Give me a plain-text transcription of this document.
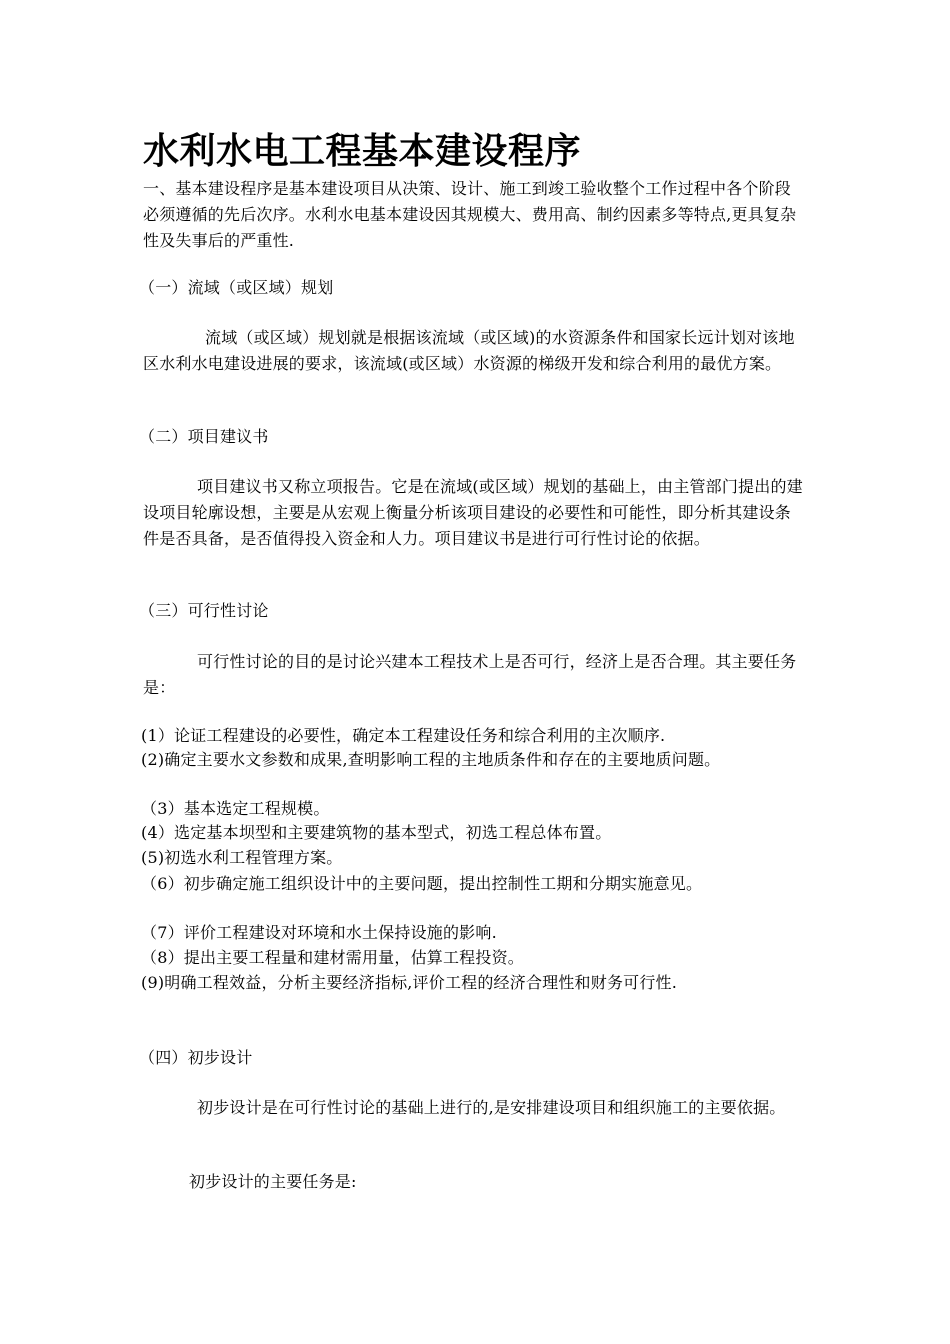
水利水电工程基本建设程序

一、基本建设程序是基本建设项目从决策、设计、施工到竣工验收整个工作过程中各个阶段必须遵循的先后次序。水利水电基本建设因其规模大、费用高、制约因素多等特点,更具复杂性及失事后的严重性.

（一）流域（或区域）规划

流域（或区域）规划就是根据该流域（或区域)的水资源条件和国家长远计划对该地区水利水电建设进展的要求，该流域(或区域）水资源的梯级开发和综合利用的最优方案。

（二）项目建议书

项目建议书又称立项报告。它是在流域(或区域）规划的基础上，由主管部门提出的建设项目轮廓设想，主要是从宏观上衡量分析该项目建设的必要性和可能性，即分析其建设条件是否具备，是否值得投入资金和人力。项目建议书是进行可行性讨论的依据。

（三）可行性讨论

可行性讨论的目的是讨论兴建本工程技术上是否可行，经济上是否合理。其主要任务是：

(1）论证工程建设的必要性，确定本工程建设任务和综合利用的主次顺序.

(2)确定主要水文参数和成果,查明影响工程的主地质条件和存在的主要地质问题。

（3）基本选定工程规模。

(4）选定基本坝型和主要建筑物的基本型式，初选工程总体布置。

(5)初选水利工程管理方案。

（6）初步确定施工组织设计中的主要问题，提出控制性工期和分期实施意见。

（7）评价工程建设对环境和水土保持设施的影响.

（8）提出主要工程量和建材需用量，估算工程投资。

(9)明确工程效益，分析主要经济指标,评价工程的经济合理性和财务可行性.

（四）初步设计

初步设计是在可行性讨论的基础上进行的,是安排建设项目和组织施工的主要依据。

初步设计的主要任务是:
